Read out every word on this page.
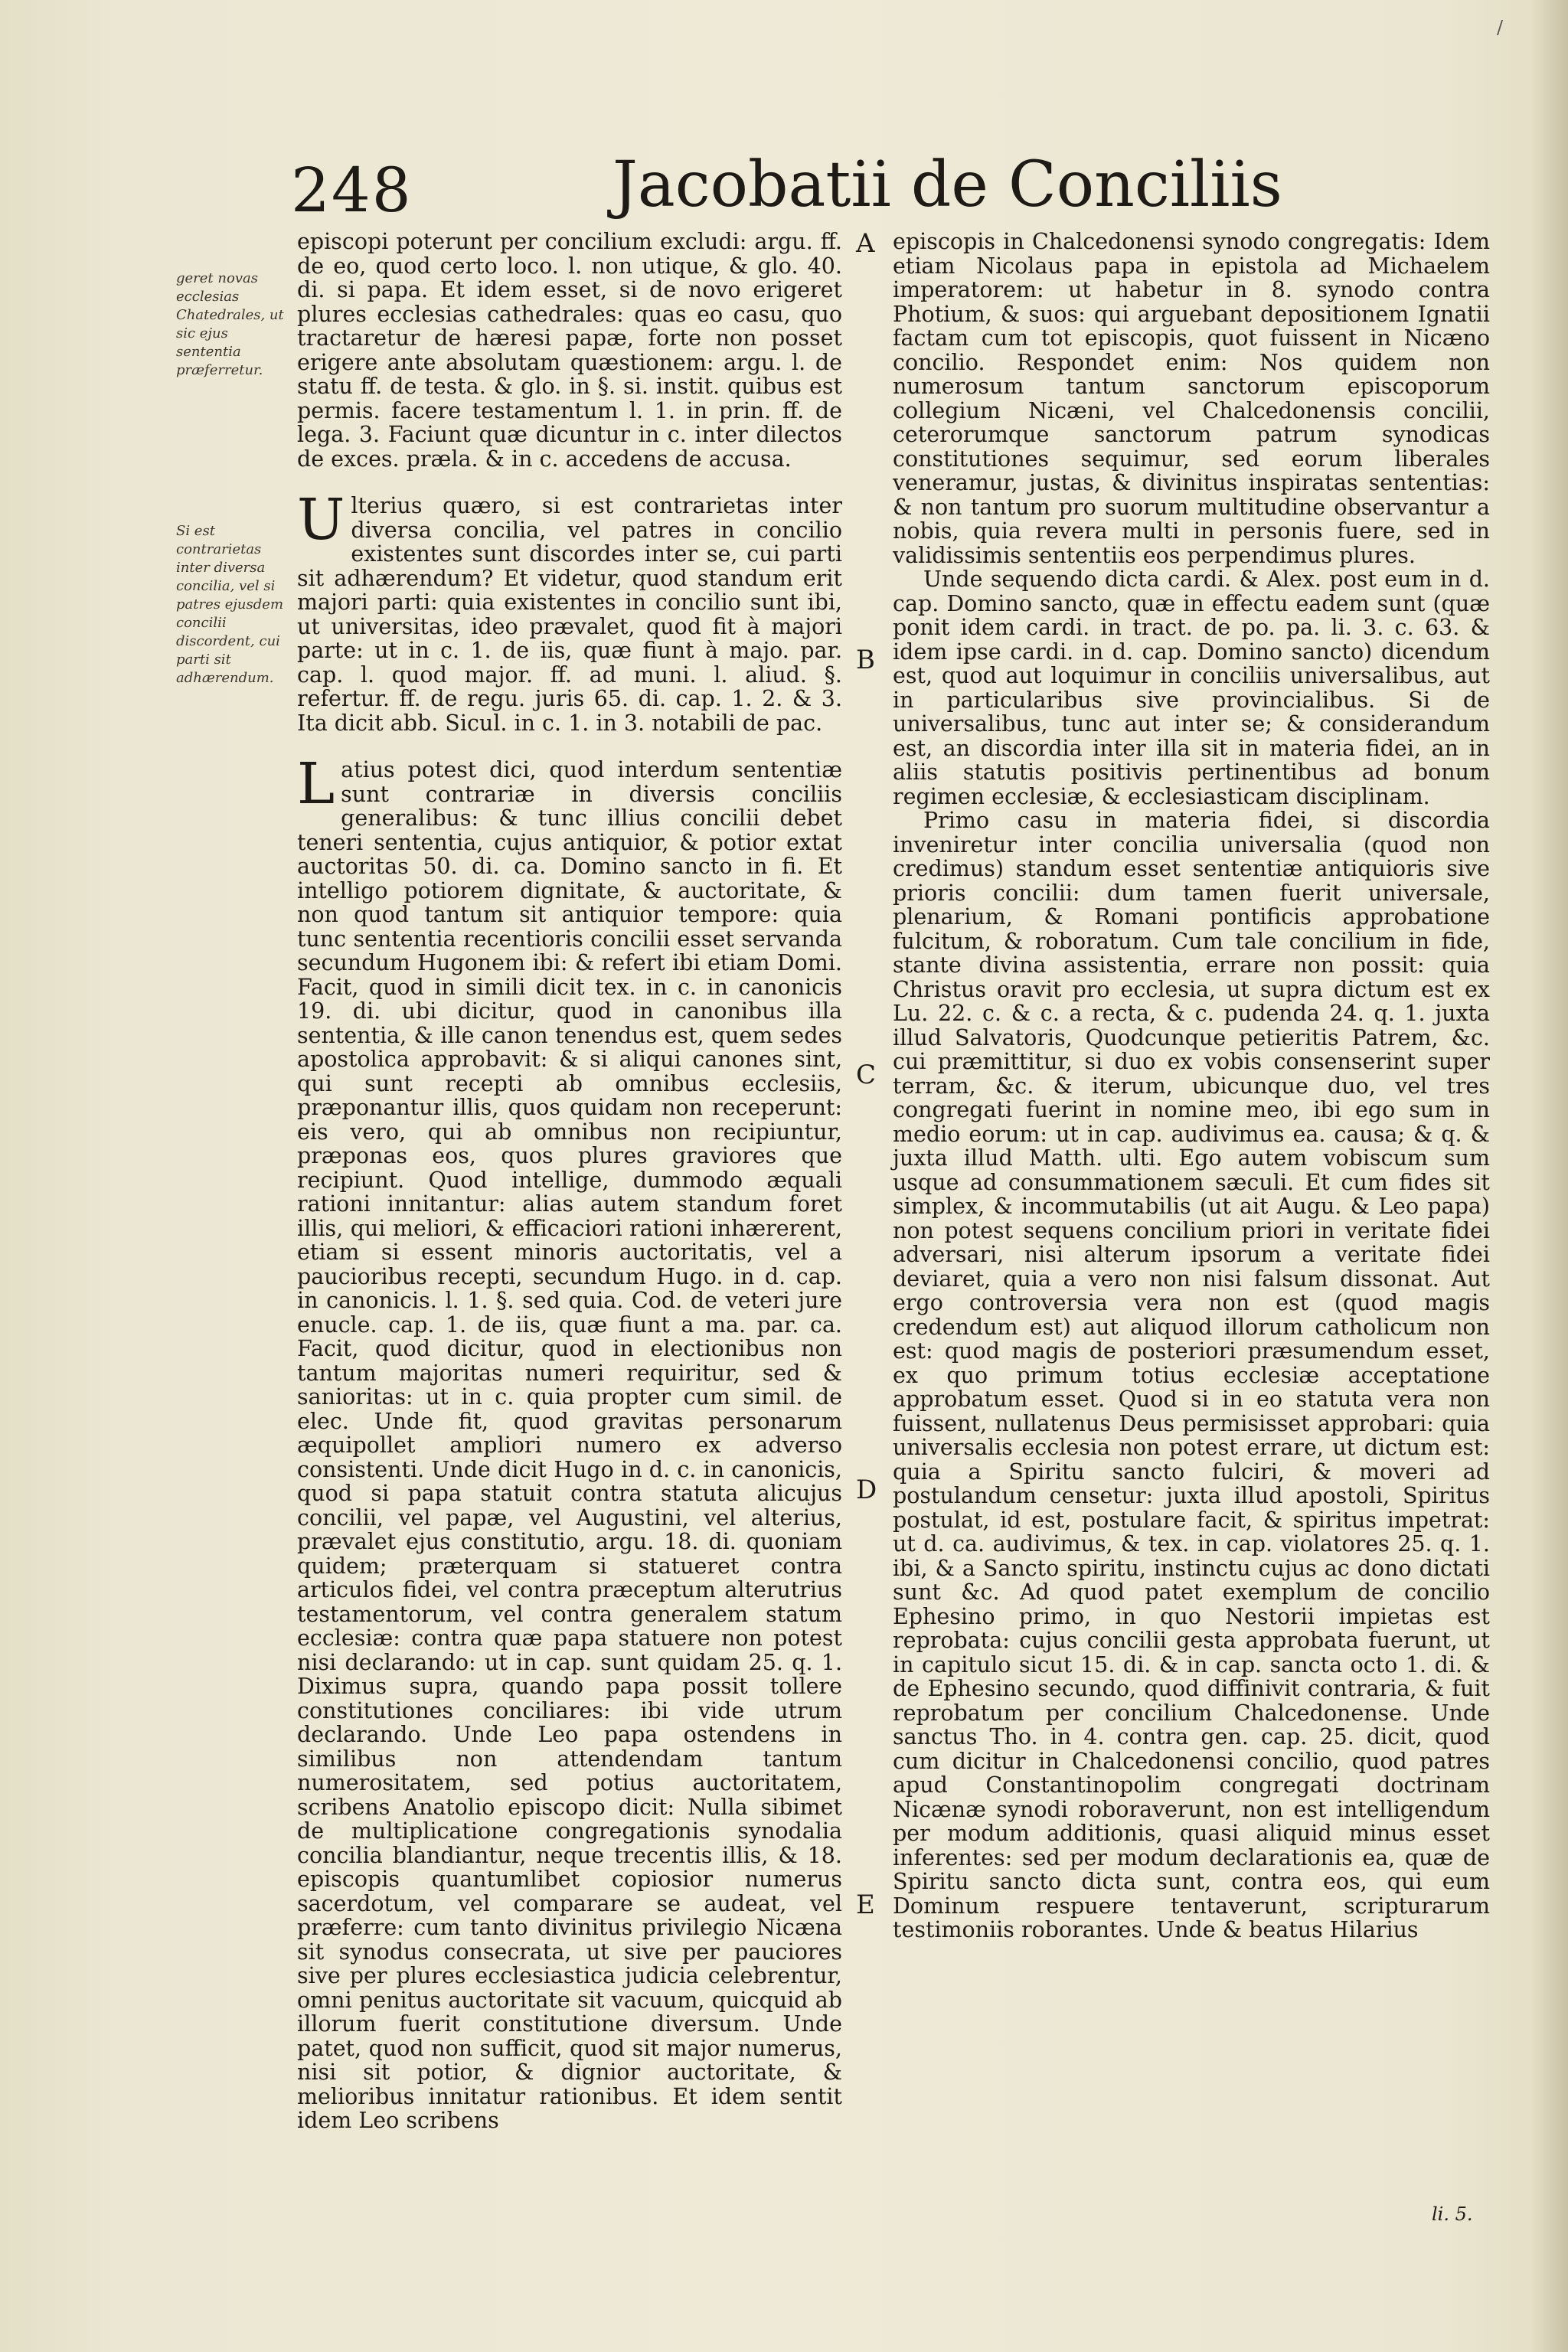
/
248	Jacobatii de Conciliis
geret novas ecclesias Chatedrales, ut sic ejus sententia præferretur.
Si est contrarietas inter diversa concilia, vel si patres ejusdem concilii discordent, cui parti sit adhærendum.
A
B
C
D
E

episcopi poterunt per concilium excludi: argu. ff. de eo, quod certo loco. l. non utique, & glo. 40. di. si papa. Et idem esset, si de novo erigeret plures ecclesias cathedrales: quas eo casu, quo tractaretur de hæresi papæ, forte non posset erigere ante absolutam quæstionem: argu. l. de statu ff. de testa. & glo. in §. si. instit. quibus est permis. facere testamentum l. 1. in prin. ff. de lega. 3. Faciunt quæ dicuntur in c. inter dilectos de exces. præla. & in c. accedens de accusa.

Ulterius quæro, si est contrarietas inter diversa concilia, vel patres in concilio existentes sunt discordes inter se, cui parti sit adhærendum? Et videtur, quod standum erit majori parti: quia existentes in concilio sunt ibi, ut universitas, ideo prævalet, quod fit à majori parte: ut in c. 1. de iis, quæ fiunt à majo. par. cap. l. quod major. ff. ad muni. l. aliud. §. refertur. ff. de regu. juris 65. di. cap. 1. 2. & 3. Ita dicit abb. Sicul. in c. 1. in 3. notabili de pac.

Latius potest dici, quod interdum sententiæ sunt contrariæ in diversis conciliis generalibus: & tunc illius concilii debet teneri sententia, cujus antiquior, & potior extat auctoritas 50. di. ca. Domino sancto in fi. Et intelligo potiorem dignitate, & auctoritate, & non quod tantum sit antiquior tempore: quia tunc sententia recentioris concilii esset servanda secundum Hugonem ibi: & refert ibi etiam Domi. Facit, quod in simili dicit tex. in c. in canonicis 19. di. ubi dicitur, quod in canonibus illa sententia, & ille canon tenendus est, quem sedes apostolica approbavit: & si aliqui canones sint, qui sunt recepti ab omnibus ecclesiis, præponantur illis, quos quidam non receperunt: eis vero, qui ab omnibus non recipiuntur, præponas eos, quos plures graviores que recipiunt. Quod intellige, dummodo æquali rationi innitantur: alias autem standum foret illis, qui meliori, & efficaciori rationi inhærerent, etiam si essent minoris auctoritatis, vel a paucioribus recepti, secundum Hugo. in d. cap. in canonicis. l. 1. §. sed quia. Cod. de veteri jure enucle. cap. 1. de iis, quæ fiunt a ma. par. ca. Facit, quod dicitur, quod in electionibus non tantum majoritas numeri requiritur, sed & sanioritas: ut in c. quia propter cum simil. de elec. Unde fit, quod gravitas personarum æquipollet ampliori numero ex adverso consistenti. Unde dicit Hugo in d. c. in canonicis, quod si papa statuit contra statuta alicujus concilii, vel papæ, vel Augustini, vel alterius, prævalet ejus constitutio, argu. 18. di. quoniam quidem; præterquam si statueret contra articulos fidei, vel contra præceptum alterutrius testamentorum, vel contra generalem statum ecclesiæ: contra quæ papa statuere non potest nisi declarando: ut in cap. sunt quidam 25. q. 1. Diximus supra, quando papa possit tollere constitutiones conciliares: ibi vide utrum declarando. Unde Leo papa ostendens in similibus non attendendam tantum numerositatem, sed potius auctoritatem, scribens Anatolio episcopo dicit: Nulla sibimet de multiplicatione congregationis synodalia concilia blandiantur, neque trecentis illis, & 18. episcopis quantumlibet copiosior numerus sacerdotum, vel comparare se audeat, vel præferre: cum tanto divinitus privilegio Nicæna sit synodus consecrata, ut sive per pauciores sive per plures ecclesiastica judicia celebrentur, omni penitus auctoritate sit vacuum, quicquid ab illorum fuerit constitutione diversum. Unde patet, quod non sufficit, quod sit major numerus, nisi sit potior, & dignior auctoritate, & melioribus innitatur rationibus. Et idem sentit idem Leo scribens

episcopis in Chalcedonensi synodo congregatis: Idem etiam Nicolaus papa in epistola ad Michaelem imperatorem: ut habetur in 8. synodo contra Photium, & suos: qui arguebant depositionem Ignatii factam cum tot episcopis, quot fuissent in Nicæno concilio. Respondet enim: Nos quidem non numerosum tantum sanctorum episcoporum collegium Nicæni, vel Chalcedonensis concilii, ceterorumque sanctorum patrum synodicas constitutiones sequimur, sed eorum liberales veneramur, justas, & divinitus inspiratas sententias: & non tantum pro suorum multitudine observantur a nobis, quia revera multi in personis fuere, sed in validissimis sententiis eos perpendimus plures.

Unde sequendo dicta cardi. & Alex. post eum in d. cap. Domino sancto, quæ in effectu eadem sunt (quæ ponit idem cardi. in tract. de po. pa. li. 3. c. 63. & idem ipse cardi. in d. cap. Domino sancto) dicendum est, quod aut loquimur in conciliis universalibus, aut in particularibus sive provincialibus. Si de universalibus, tunc aut inter se; & considerandum est, an discordia inter illa sit in materia fidei, an in aliis statutis positivis pertinentibus ad bonum regimen ecclesiæ, & ecclesiasticam disciplinam.

Primo casu in materia fidei, si discordia inveniretur inter concilia universalia (quod non credimus) standum esset sententiæ antiquioris sive prioris concilii: dum tamen fuerit universale, plenarium, & Romani pontificis approbatione fulcitum, & roboratum. Cum tale concilium in fide, stante divina assistentia, errare non possit: quia Christus oravit pro ecclesia, ut supra dictum est ex Lu. 22. c. & c. a recta, & c. pudenda 24. q. 1. juxta illud Salvatoris, Quodcunque petieritis Patrem, &c. cui præmittitur, si duo ex vobis consenserint super terram, &c. & iterum, ubicunque duo, vel tres congregati fuerint in nomine meo, ibi ego sum in medio eorum: ut in cap. audivimus ea. causa; & q. & juxta illud Matth. ulti. Ego autem vobiscum sum usque ad consummationem sæculi. Et cum fides sit simplex, & incommutabilis (ut ait Augu. & Leo papa) non potest sequens concilium priori in veritate fidei adversari, nisi alterum ipsorum a veritate fidei deviaret, quia a vero non nisi falsum dissonat. Aut ergo controversia vera non est (quod magis credendum est) aut aliquod illorum catholicum non est: quod magis de posteriori præsumendum esset, ex quo primum totius ecclesiæ acceptatione approbatum esset. Quod si in eo statuta vera non fuissent, nullatenus Deus permisisset approbari: quia universalis ecclesia non potest errare, ut dictum est: quia a Spiritu sancto fulciri, & moveri ad postulandum censetur: juxta illud apostoli, Spiritus postulat, id est, postulare facit, & spiritus impetrat: ut d. ca. audivimus, & tex. in cap. violatores 25. q. 1. ibi, & a Sancto spiritu, instinctu cujus ac dono dictati sunt &c. Ad quod patet exemplum de concilio Ephesino primo, in quo Nestorii impietas est reprobata: cujus concilii gesta approbata fuerunt, ut in capitulo sicut 15. di. & in cap. sancta octo 1. di. & de Ephesino secundo, quod diffinivit contraria, & fuit reprobatum per concilium Chalcedonense. Unde sanctus Tho. in 4. contra gen. cap. 25. dicit, quod cum dicitur in Chalcedonensi concilio, quod patres apud Constantinopolim congregati doctrinam Nicænæ synodi roboraverunt, non est intelligendum per modum additionis, quasi aliquid minus esset inferentes: sed per modum declarationis ea, quæ de Spiritu sancto dicta sunt, contra eos, qui eum Dominum respuere tentaverunt, scripturarum testimoniis roborantes. Unde & beatus Hilarius

li. 5.
